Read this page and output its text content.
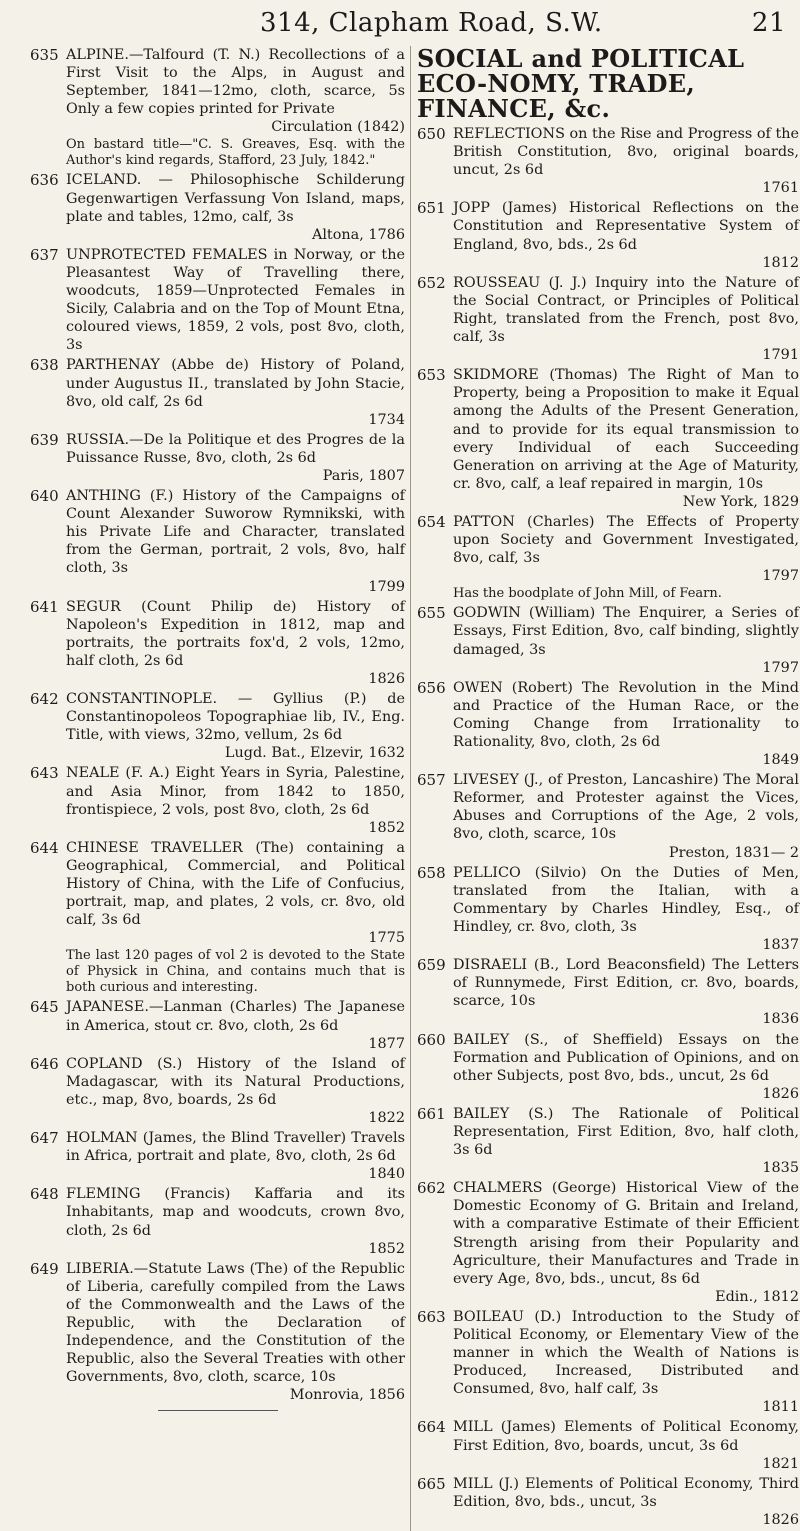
314, Clapham Road, S.W.	21
635 ALPINE.—Talfourd (T. N.) Recollections of a First Visit to the Alps, in August and September, 1841—12mo, cloth, scarce, 5s Only a few copies printed for Private
Circulation (1842)
On bastard title—"C. S. Greaves, Esq. with the Author's kind regards, Stafford, 23 July, 1842."
636 ICELAND. — Philosophische Schilderung Gegenwartigen Verfassung Von Island, maps, plate and tables, 12mo, calf, 3s
Altona, 1786
637 UNPROTECTED FEMALES in Norway, or the Pleasantest Way of Travelling there, woodcuts, 1859—Unprotected Females in Sicily, Calabria and on the Top of Mount Etna, coloured views, 1859, 2 vols, post 8vo, cloth, 3s
638 PARTHENAY (Abbe de) History of Poland, under Augustus II., translated by John Stacie, 8vo, old calf, 2s 6d
1734
639 RUSSIA.—De la Politique et des Progres de la Puissance Russe, 8vo, cloth, 2s 6d
Paris, 1807
640 ANTHING (F.) History of the Campaigns of Count Alexander Suworow Rymnikski, with his Private Life and Character, translated from the German, portrait, 2 vols, 8vo, half cloth, 3s
1799
641 SEGUR (Count Philip de) History of Napoleon's Expedition in 1812, map and portraits, the portraits fox'd, 2 vols, 12mo, half cloth, 2s 6d
1826
642 CONSTANTINOPLE. — Gyllius (P.) de Constantinopoleos Topographiae lib, IV., Eng. Title, with views, 32mo, vellum, 2s 6d
Lugd. Bat., Elzevir, 1632
643 NEALE (F. A.) Eight Years in Syria, Palestine, and Asia Minor, from 1842 to 1850, frontispiece, 2 vols, post 8vo, cloth, 2s 6d
1852
644 CHINESE TRAVELLER (The) containing a Geographical, Commercial, and Political History of China, with the Life of Confucius, portrait, map, and plates, 2 vols, cr. 8vo, old calf, 3s 6d
1775
The last 120 pages of vol 2 is devoted to the State of Physick in China, and contains much that is both curious and interesting.
645 JAPANESE.—Lanman (Charles) The Japanese in America, stout cr. 8vo, cloth, 2s 6d
1877
646 COPLAND (S.) History of the Island of Madagascar, with its Natural Productions, etc., map, 8vo, boards, 2s 6d
1822
647 HOLMAN (James, the Blind Traveller) Travels in Africa, portrait and plate, 8vo, cloth, 2s 6d
1840
648 FLEMING (Francis) Kaffaria and its Inhabitants, map and woodcuts, crown 8vo, cloth, 2s 6d
1852
649 LIBERIA.—Statute Laws (The) of the Republic of Liberia, carefully compiled from the Laws of the Commonwealth and the Laws of the Republic, with the Declaration of Independence, and the Constitution of the Republic, also the Several Treaties with other Governments, 8vo, cloth, scarce, 10s
Monrovia, 1856
SOCIAL and POLITICAL ECO-NOMY, TRADE, FINANCE, &c.
650 REFLECTIONS on the Rise and Progress of the British Constitution, 8vo, original boards, uncut, 2s 6d
1761
651 JOPP (James) Historical Reflections on the Constitution and Representative System of England, 8vo, bds., 2s 6d
1812
652 ROUSSEAU (J. J.) Inquiry into the Nature of the Social Contract, or Principles of Political Right, translated from the French, post 8vo, calf, 3s
1791
653 SKIDMORE (Thomas) The Right of Man to Property, being a Proposition to make it Equal among the Adults of the Present Generation, and to provide for its equal transmission to every Individual of each Succeeding Generation on arriving at the Age of Maturity, cr. 8vo, calf, a leaf repaired in margin, 10s
New York, 1829
654 PATTON (Charles) The Effects of Property upon Society and Government Investigated, 8vo, calf, 3s
1797
Has the boodplate of John Mill, of Fearn.
655 GODWIN (William) The Enquirer, a Series of Essays, First Edition, 8vo, calf binding, slightly damaged, 3s
1797
656 OWEN (Robert) The Revolution in the Mind and Practice of the Human Race, or the Coming Change from Irrationality to Rationality, 8vo, cloth, 2s 6d
1849
657 LIVESEY (J., of Preston, Lancashire) The Moral Reformer, and Protester against the Vices, Abuses and Corruptions of the Age, 2 vols, 8vo, cloth, scarce, 10s
Preston, 1831— 2
658 PELLICO (Silvio) On the Duties of Men, translated from the Italian, with a Commentary by Charles Hindley, Esq., of Hindley, cr. 8vo, cloth, 3s
1837
659 DISRAELI (B., Lord Beaconsfield) The Letters of Runnymede, First Edition, cr. 8vo, boards, scarce, 10s
1836
660 BAILEY (S., of Sheffield) Essays on the Formation and Publication of Opinions, and on other Subjects, post 8vo, bds., uncut, 2s 6d
1826
661 BAILEY (S.) The Rationale of Political Representation, First Edition, 8vo, half cloth, 3s 6d
1835
662 CHALMERS (George) Historical View of the Domestic Economy of G. Britain and Ireland, with a comparative Estimate of their Efficient Strength arising from their Popularity and Agriculture, their Manufactures and Trade in every Age, 8vo, bds., uncut, 8s 6d
Edin., 1812
663 BOILEAU (D.) Introduction to the Study of Political Economy, or Elementary View of the manner in which the Wealth of Nations is Produced, Increased, Distributed and Consumed, 8vo, half calf, 3s
1811
664 MILL (James) Elements of Political Economy, First Edition, 8vo, boards, uncut, 3s 6d
1821
665 MILL (J.) Elements of Political Economy, Third Edition, 8vo, bds., uncut, 3s
1826
